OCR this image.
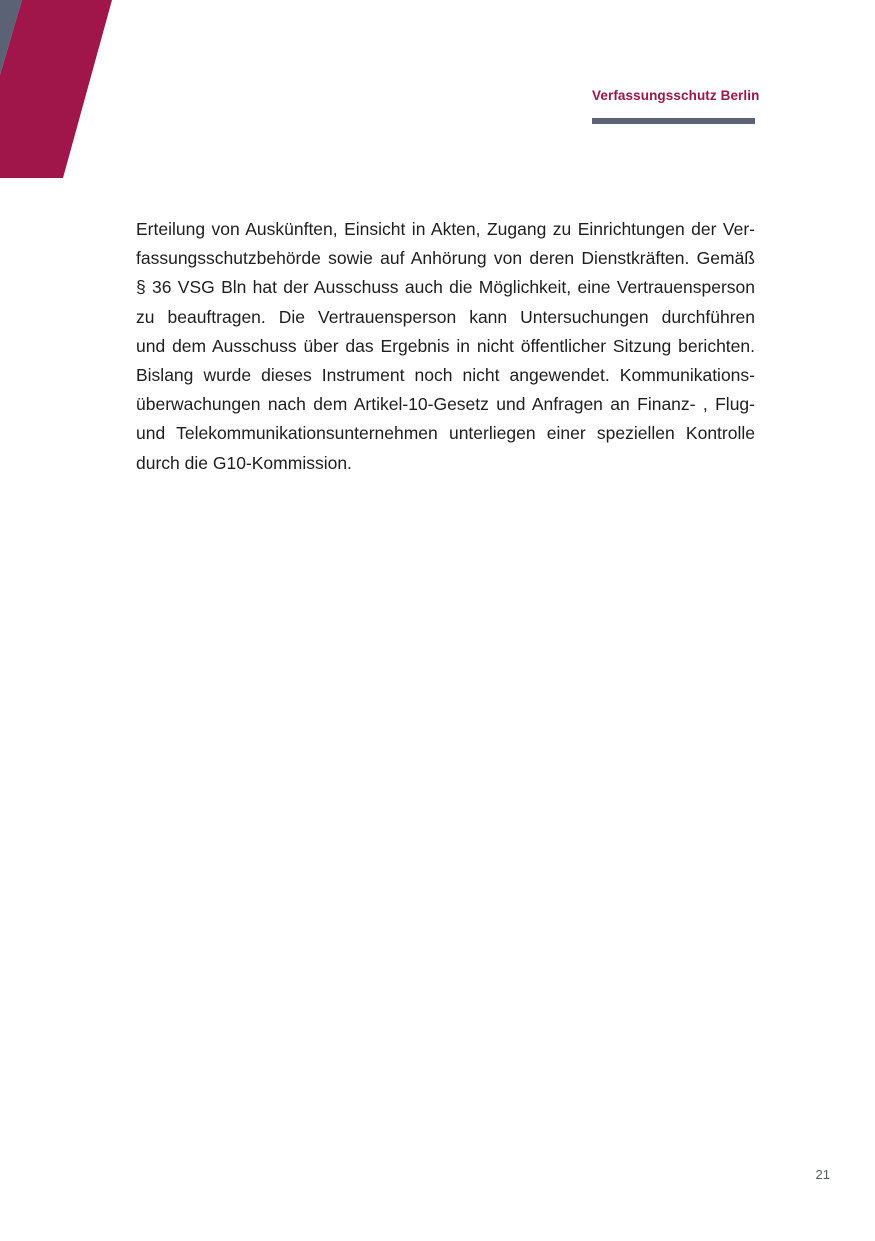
Verfassungsschutz Berlin
Erteilung von Auskünften, Einsicht in Akten, Zugang zu Einrichtungen der Ver-
fassungsschutzbehörde sowie auf Anhörung von deren Dienstkräften. Gemäß
§ 36 VSG Bln hat der Ausschuss auch die Möglichkeit, eine Vertrauensperson
zu beauftragen. Die Vertrauensperson kann Untersuchungen durchführen
und dem Ausschuss über das Ergebnis in nicht öffentlicher Sitzung berichten.
Bislang wurde dieses Instrument noch nicht angewendet. Kommunikations-
überwachungen nach dem Artikel-10-Gesetz und Anfragen an Finanz- , Flug-
und Telekommunikationsunternehmen unterliegen einer speziellen Kontrolle
durch die G10-Kommission.
21
